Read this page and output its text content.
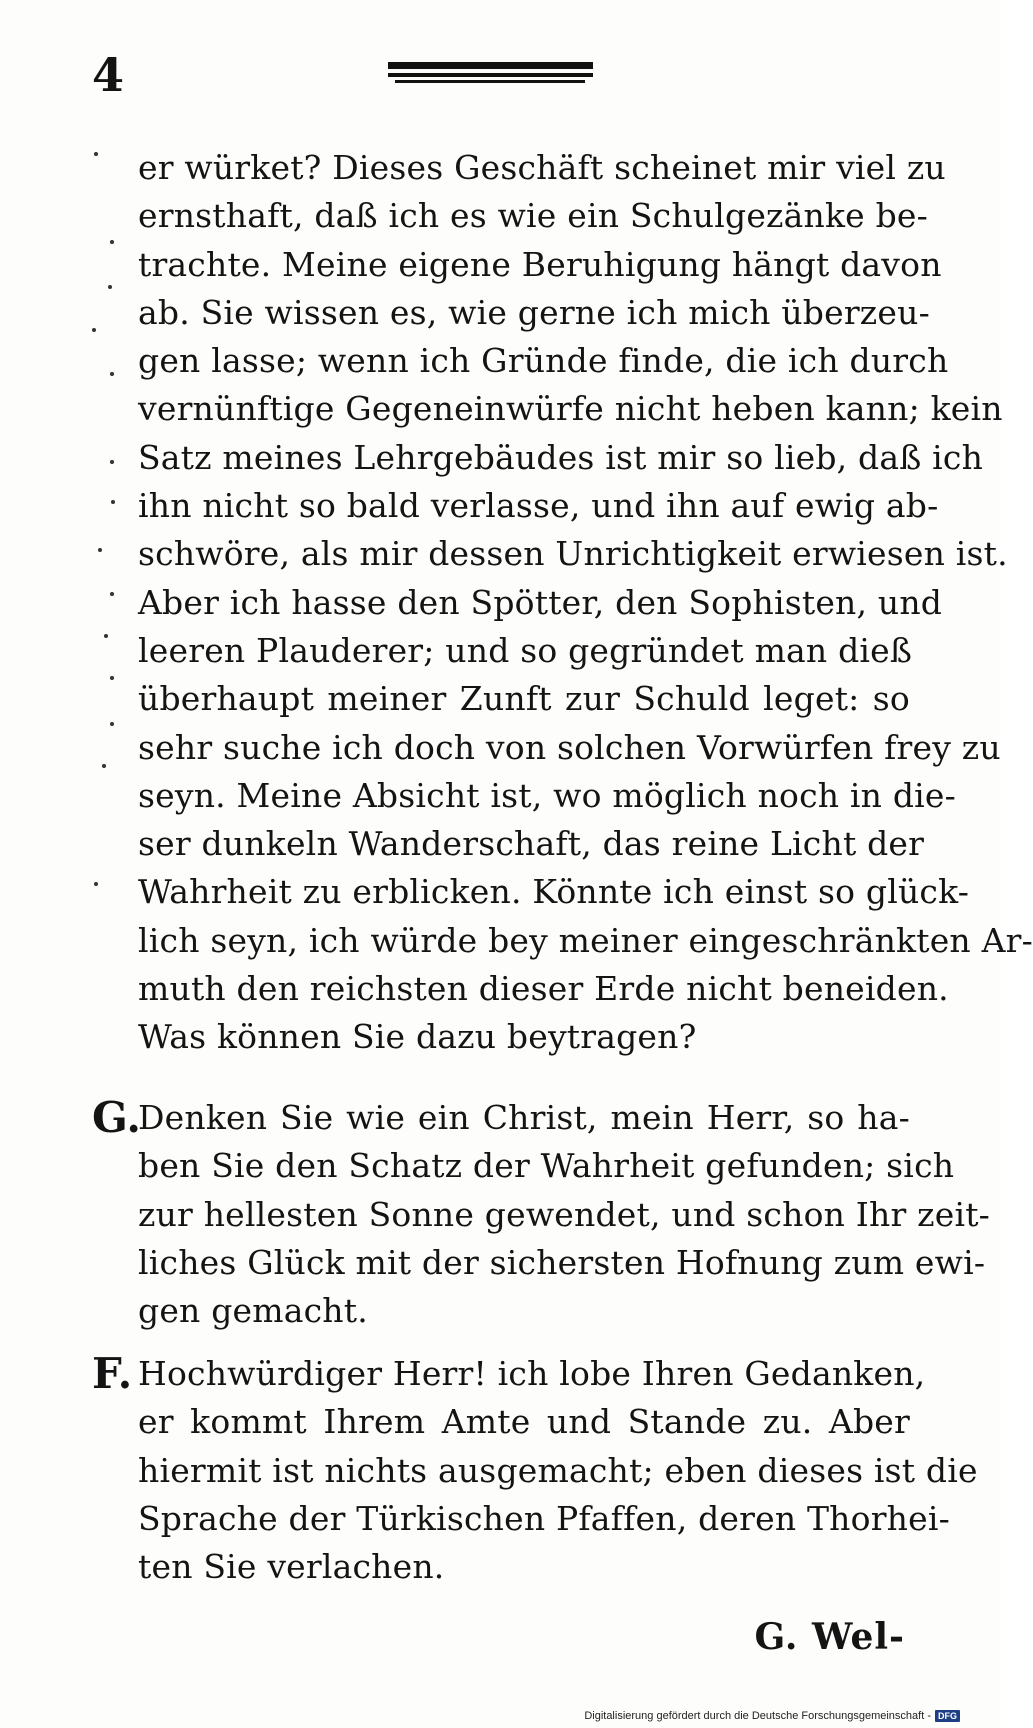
4
er würket? Dieses Geschäft scheinet mir viel zu
ernsthaft, daß ich es wie ein Schulgezänke be-
trachte. Meine eigene Beruhigung hängt davon
ab. Sie wissen es, wie gerne ich mich überzeu-
gen lasse; wenn ich Gründe finde, die ich durch
vernünftige Gegeneinwürfe nicht heben kann; kein
Satz meines Lehrgebäudes ist mir so lieb, daß ich
ihn nicht so bald verlasse, und ihn auf ewig ab-
schwöre, als mir dessen Unrichtigkeit erwiesen ist.
Aber ich hasse den Spötter, den Sophisten, und
leeren Plauderer; und so gegründet man dieß
überhaupt meiner Zunft zur Schuld leget: so
sehr suche ich doch von solchen Vorwürfen frey zu
seyn. Meine Absicht ist, wo möglich noch in die-
ser dunkeln Wanderschaft, das reine Licht der
Wahrheit zu erblicken. Könnte ich einst so glück-
lich seyn, ich würde bey meiner eingeschränkten Ar-
muth den reichsten dieser Erde nicht beneiden.
Was können Sie dazu beytragen?
G.
Denken Sie wie ein Christ, mein Herr, so ha-
ben Sie den Schatz der Wahrheit gefunden; sich
zur hellesten Sonne gewendet, und schon Ihr zeit-
liches Glück mit der sichersten Hofnung zum ewi-
gen gemacht.
F. Hochwürdiger Herr! ich lobe Ihren Gedanken,
er kommt Ihrem Amte und Stande zu. Aber
hiermit ist nichts ausgemacht; eben dieses ist die
Sprache der Türkischen Pfaffen, deren Thorhei-
ten Sie verlachen.
G. Wel-
Digitalisierung gefördert durch die Deutsche Forschungsgemeinschaft - DFG
